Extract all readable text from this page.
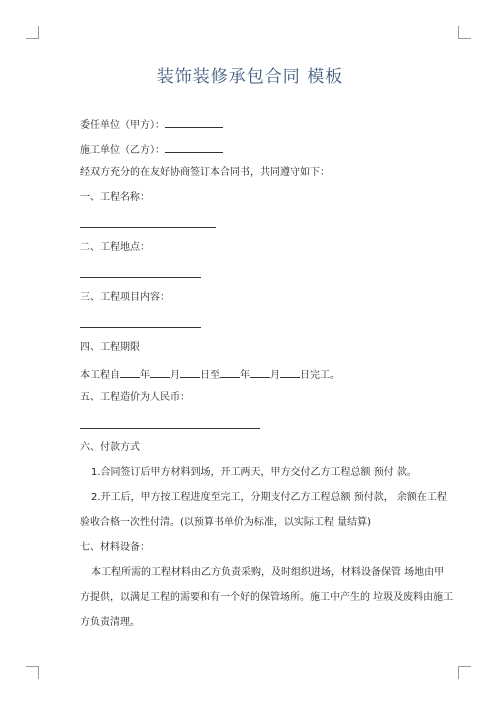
装饰装修承包合同 模板
委任单位（甲方）：
施工单位（乙方）：
经双方充分的在友好协商签订本合同书，共同遵守如下：
一、工程名称：
二、工程地点：
三、工程项目内容：
四、工程期限
本工程自 年 月 日至 年 月 日完工。
五、工程造价为人民币：
六、付款方式
1.合同签订后甲方材料到场，开工两天，甲方交付乙方工程总额 预付 款。
2.开工后，甲方按工程进度至完工，分期支付乙方工程总额 预付款， 余额在工程
验收合格一次性付清。(以预算书单价为标准，以实际工程 量结算)
七、材料设备：
本工程所需的工程材料由乙方负责采购，及时组织进场，材料设备保管 场地由甲
方提供，以满足工程的需要和有一个好的保管场所。施工中产生的 垃圾及废料由施工
方负责清理。
